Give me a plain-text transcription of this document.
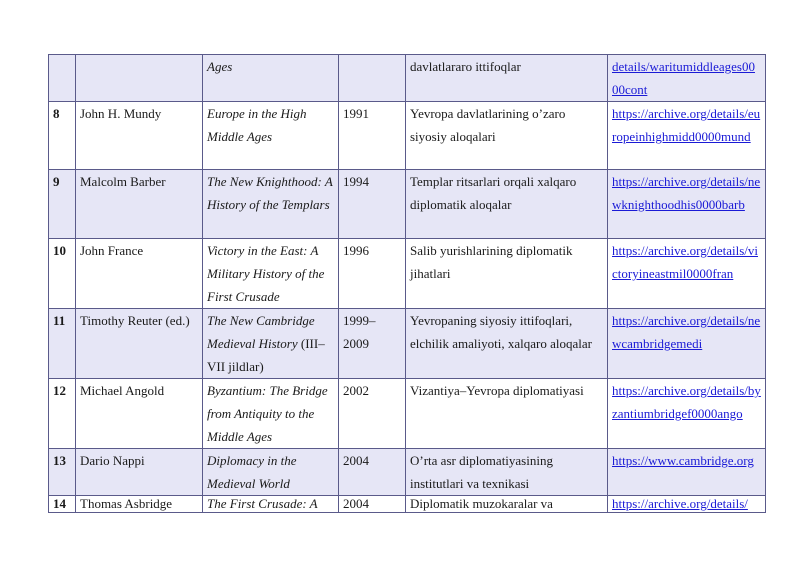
		Ages		davlatlararo ittifoqlar	details/​waritumiddleages0000cont
8	John H. Mundy	Europe in the High Middle Ages	1991	Yevropa davlatlarining o’zaro siyosiy aloqalari	https://archive.org/details/​europeinhighmidd0000mund
9	Malcolm Barber	The New Knighthood: A History of the Templars	1994	Templar ritsarlari orqali xalqaro diplomatik aloqalar	https://archive.org/details/​newknighthoodhis0000bar​b
10	John France	Victory in the East: A Military History of the First Crusade	1996	Salib yurishlarining diplomatik jihatlari	https://archive.org/details/​victoryineastmil0000fran
11	Timothy Reuter (ed.)	The New Cambridge Medieval History (III–VII jildlar)	1999–2009	Yevropaning siyosiy ittifoqlari, elchilik amaliyoti, xalqaro aloqalar	https://archive.org/details/​newcambridgemedi
12	Michael Angold	Byzantium: The Bridge from Antiquity to the Middle Ages	2002	Vizantiya–Yevropa diplomatiyasi	https://archive.org/details/​byzantiumbridgef0000ango
13	Dario Nappi	Diplomacy in the Medieval World	2004	O’rta asr diplomatiyasining institutlari va texnikasi	https://www.cambridge.org
14	Thomas Asbridge	The First Crusade: A	2004	Diplomatik muzokaralar va	https://archive.org/details/
